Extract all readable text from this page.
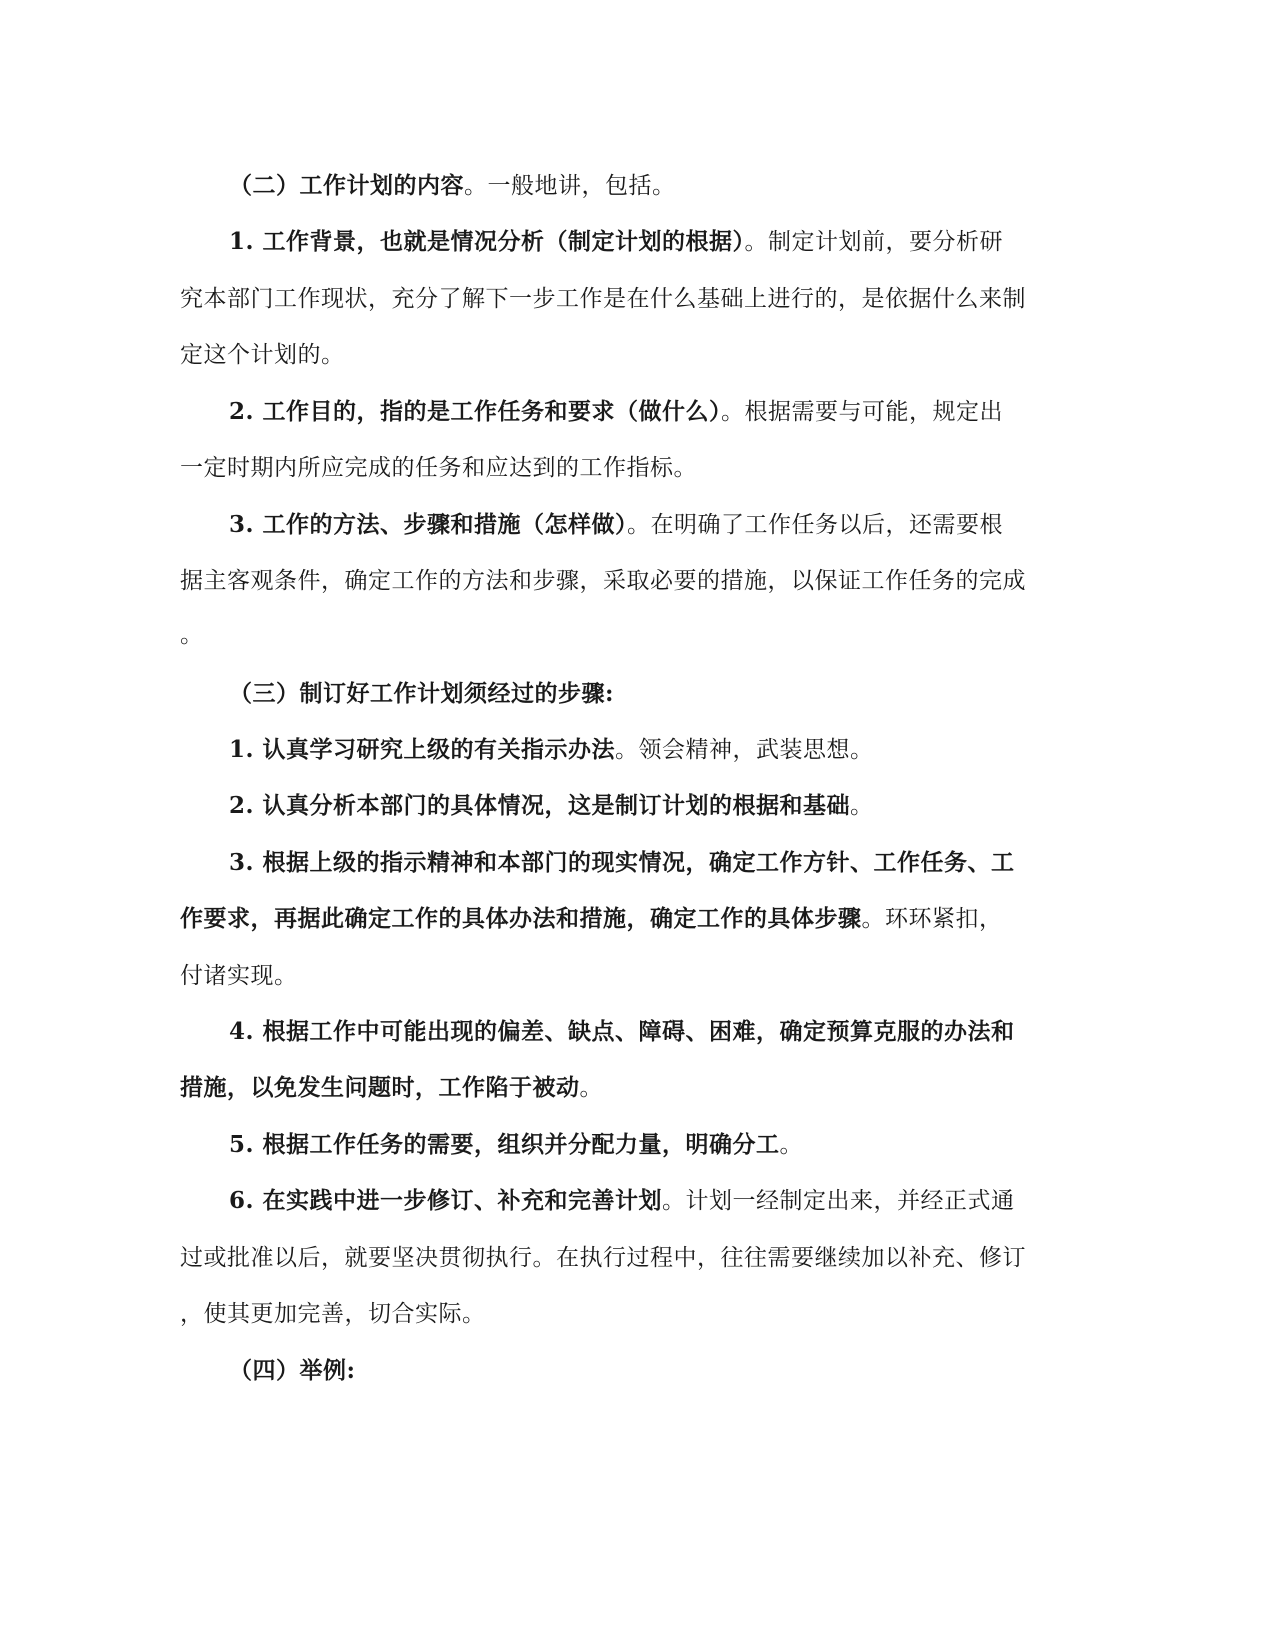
（二）工作计划的内容。一般地讲，包括。
1. 工作背景，也就是情况分析（制定计划的根据）。制定计划前，要分析研
究本部门工作现状，充分了解下一步工作是在什么基础上进行的，是依据什么来制
定这个计划的。
2. 工作目的，指的是工作任务和要求（做什么）。根据需要与可能，规定出
一定时期内所应完成的任务和应达到的工作指标。
3. 工作的方法、步骤和措施（怎样做）。在明确了工作任务以后，还需要根
据主客观条件，确定工作的方法和步骤，采取必要的措施，以保证工作任务的完成
。
（三）制订好工作计划须经过的步骤:
1. 认真学习研究上级的有关指示办法。领会精神，武装思想。
2. 认真分析本部门的具体情况，这是制订计划的根据和基础。
3. 根据上级的指示精神和本部门的现实情况，确定工作方针、工作任务、工
作要求，再据此确定工作的具体办法和措施，确定工作的具体步骤。环环紧扣，
付诸实现。
4. 根据工作中可能出现的偏差、缺点、障碍、困难，确定预算克服的办法和
措施，以免发生问题时，工作陷于被动。
5. 根据工作任务的需要，组织并分配力量，明确分工。
6. 在实践中进一步修订、补充和完善计划。计划一经制定出来，并经正式通
过或批准以后，就要坚决贯彻执行。在执行过程中，往往需要继续加以补充、修订
，使其更加完善，切合实际。
（四）举例:
